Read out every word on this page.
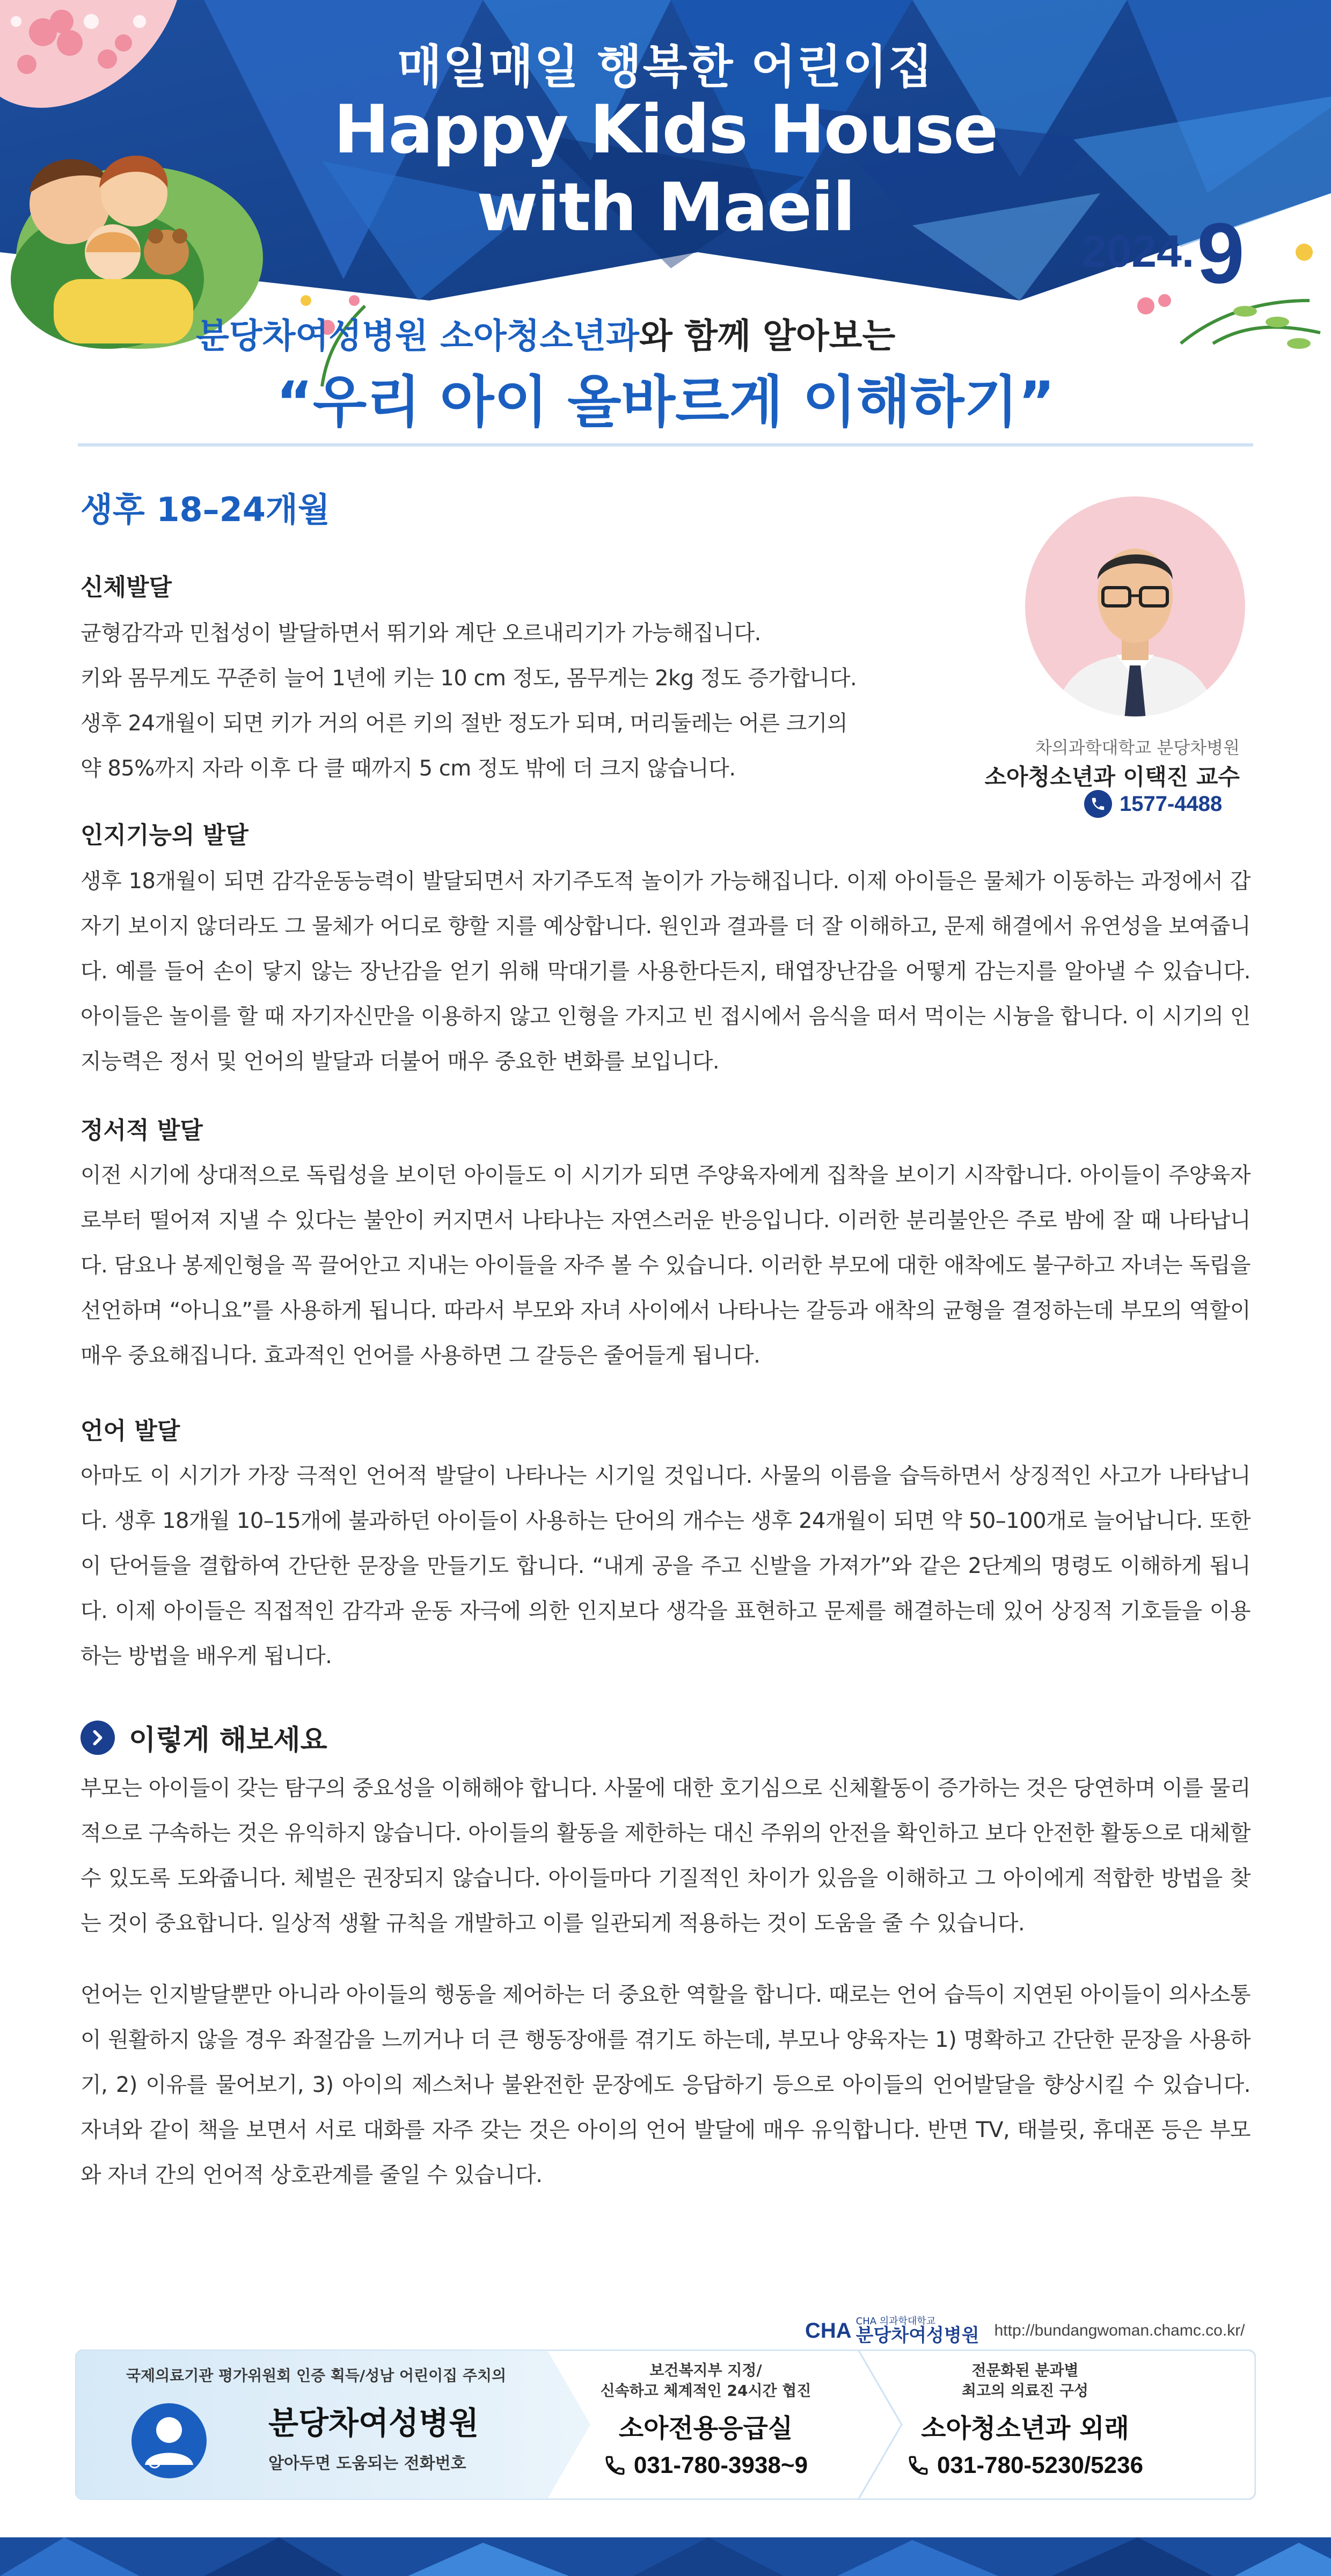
매일매일 행복한 어린이집
Happy Kids House
with Maeil
2024. 9
분당차여성병원 소아청소년과와 함께 알아보는
“우리 아이 올바르게 이해하기”
차의과학대학교 분당차병원
소아청소년과 이택진 교수
1577-4488
생후 18–24개월
신체발달
균형감각과 민첩성이 발달하면서 뛰기와 계단 오르내리기가 가능해집니다.
키와 몸무게도 꾸준히 늘어 1년에 키는 10 cm 정도, 몸무게는 2kg 정도 증가합니다.
생후 24개월이 되면 키가 거의 어른 키의 절반 정도가 되며, 머리둘레는 어른 크기의
약 85%까지 자라 이후 다 클 때까지 5 cm 정도 밖에 더 크지 않습니다.
인지기능의 발달
생후 18개월이 되면 감각운동능력이 발달되면서 자기주도적 놀이가 가능해집니다. 이제 아이들은 물체가 이동하는 과정에서 갑자기 보이지 않더라도 그 물체가 어디로 향할 지를 예상합니다. 원인과 결과를 더 잘 이해하고, 문제 해결에서 유연성을 보여줍니다. 예를 들어 손이 닿지 않는 장난감을 얻기 위해 막대기를 사용한다든지, 태엽장난감을 어떻게 감는지를 알아낼 수 있습니다. 아이들은 놀이를 할 때 자기자신만을 이용하지 않고 인형을 가지고 빈 접시에서 음식을 떠서 먹이는 시늉을 합니다. 이 시기의 인지능력은 정서 및 언어의 발달과 더불어 매우 중요한 변화를 보입니다.
정서적 발달
이전 시기에 상대적으로 독립성을 보이던 아이들도 이 시기가 되면 주양육자에게 집착을 보이기 시작합니다. 아이들이 주양육자로부터 떨어져 지낼 수 있다는 불안이 커지면서 나타나는 자연스러운 반응입니다. 이러한 분리불안은 주로 밤에 잘 때 나타납니다. 담요나 봉제인형을 꼭 끌어안고 지내는 아이들을 자주 볼 수 있습니다. 이러한 부모에 대한 애착에도 불구하고 자녀는 독립을 선언하며 “아니요”를 사용하게 됩니다. 따라서 부모와 자녀 사이에서 나타나는 갈등과 애착의 균형을 결정하는데 부모의 역할이 매우 중요해집니다. 효과적인 언어를 사용하면 그 갈등은 줄어들게 됩니다.
언어 발달
아마도 이 시기가 가장 극적인 언어적 발달이 나타나는 시기일 것입니다. 사물의 이름을 습득하면서 상징적인 사고가 나타납니다. 생후 18개월 10–15개에 불과하던 아이들이 사용하는 단어의 개수는 생후 24개월이 되면 약 50–100개로 늘어납니다. 또한 이 단어들을 결합하여 간단한 문장을 만들기도 합니다. “내게 공을 주고 신발을 가져가”와 같은 2단계의 명령도 이해하게 됩니다. 이제 아이들은 직접적인 감각과 운동 자극에 의한 인지보다 생각을 표현하고 문제를 해결하는데 있어 상징적 기호들을 이용하는 방법을 배우게 됩니다.
이렇게 해보세요
부모는 아이들이 갖는 탐구의 중요성을 이해해야 합니다. 사물에 대한 호기심으로 신체활동이 증가하는 것은 당연하며 이를 물리적으로 구속하는 것은 유익하지 않습니다. 아이들의 활동을 제한하는 대신 주위의 안전을 확인하고 보다 안전한 활동으로 대체할 수 있도록 도와줍니다. 체벌은 권장되지 않습니다. 아이들마다 기질적인 차이가 있음을 이해하고 그 아이에게 적합한 방법을 찾는 것이 중요합니다. 일상적 생활 규칙을 개발하고 이를 일관되게 적용하는 것이 도움을 줄 수 있습니다.
언어는 인지발달뿐만 아니라 아이들의 행동을 제어하는 더 중요한 역할을 합니다. 때로는 언어 습득이 지연된 아이들이 의사소통이 원활하지 않을 경우 좌절감을 느끼거나 더 큰 행동장애를 겪기도 하는데, 부모나 양육자는 1) 명확하고 간단한 문장을 사용하기, 2) 이유를 물어보기, 3) 아이의 제스처나 불완전한 문장에도 응답하기 등으로 아이들의 언어발달을 향상시킬 수 있습니다. 자녀와 같이 책을 보면서 서로 대화를 자주 갖는 것은 아이의 언어 발달에 매우 유익합니다. 반면 TV, 태블릿, 휴대폰 등은 부모와 자녀 간의 언어적 상호관계를 줄일 수 있습니다.
CHA CHA 의과학대학교
분당차여성병원 http://bundangwoman.chamc.co.kr/
국제의료기관 평가위원회 인증 획득/성남 어린이집 주치의
분당차여성병원
알아두면 도움되는 전화번호
보건복지부 지정/
신속하고 체계적인 24시간 협진
소아전용응급실
031-780-3938~9
전문화된 분과별
최고의 의료진 구성
소아청소년과 외래
031-780-5230/5236
